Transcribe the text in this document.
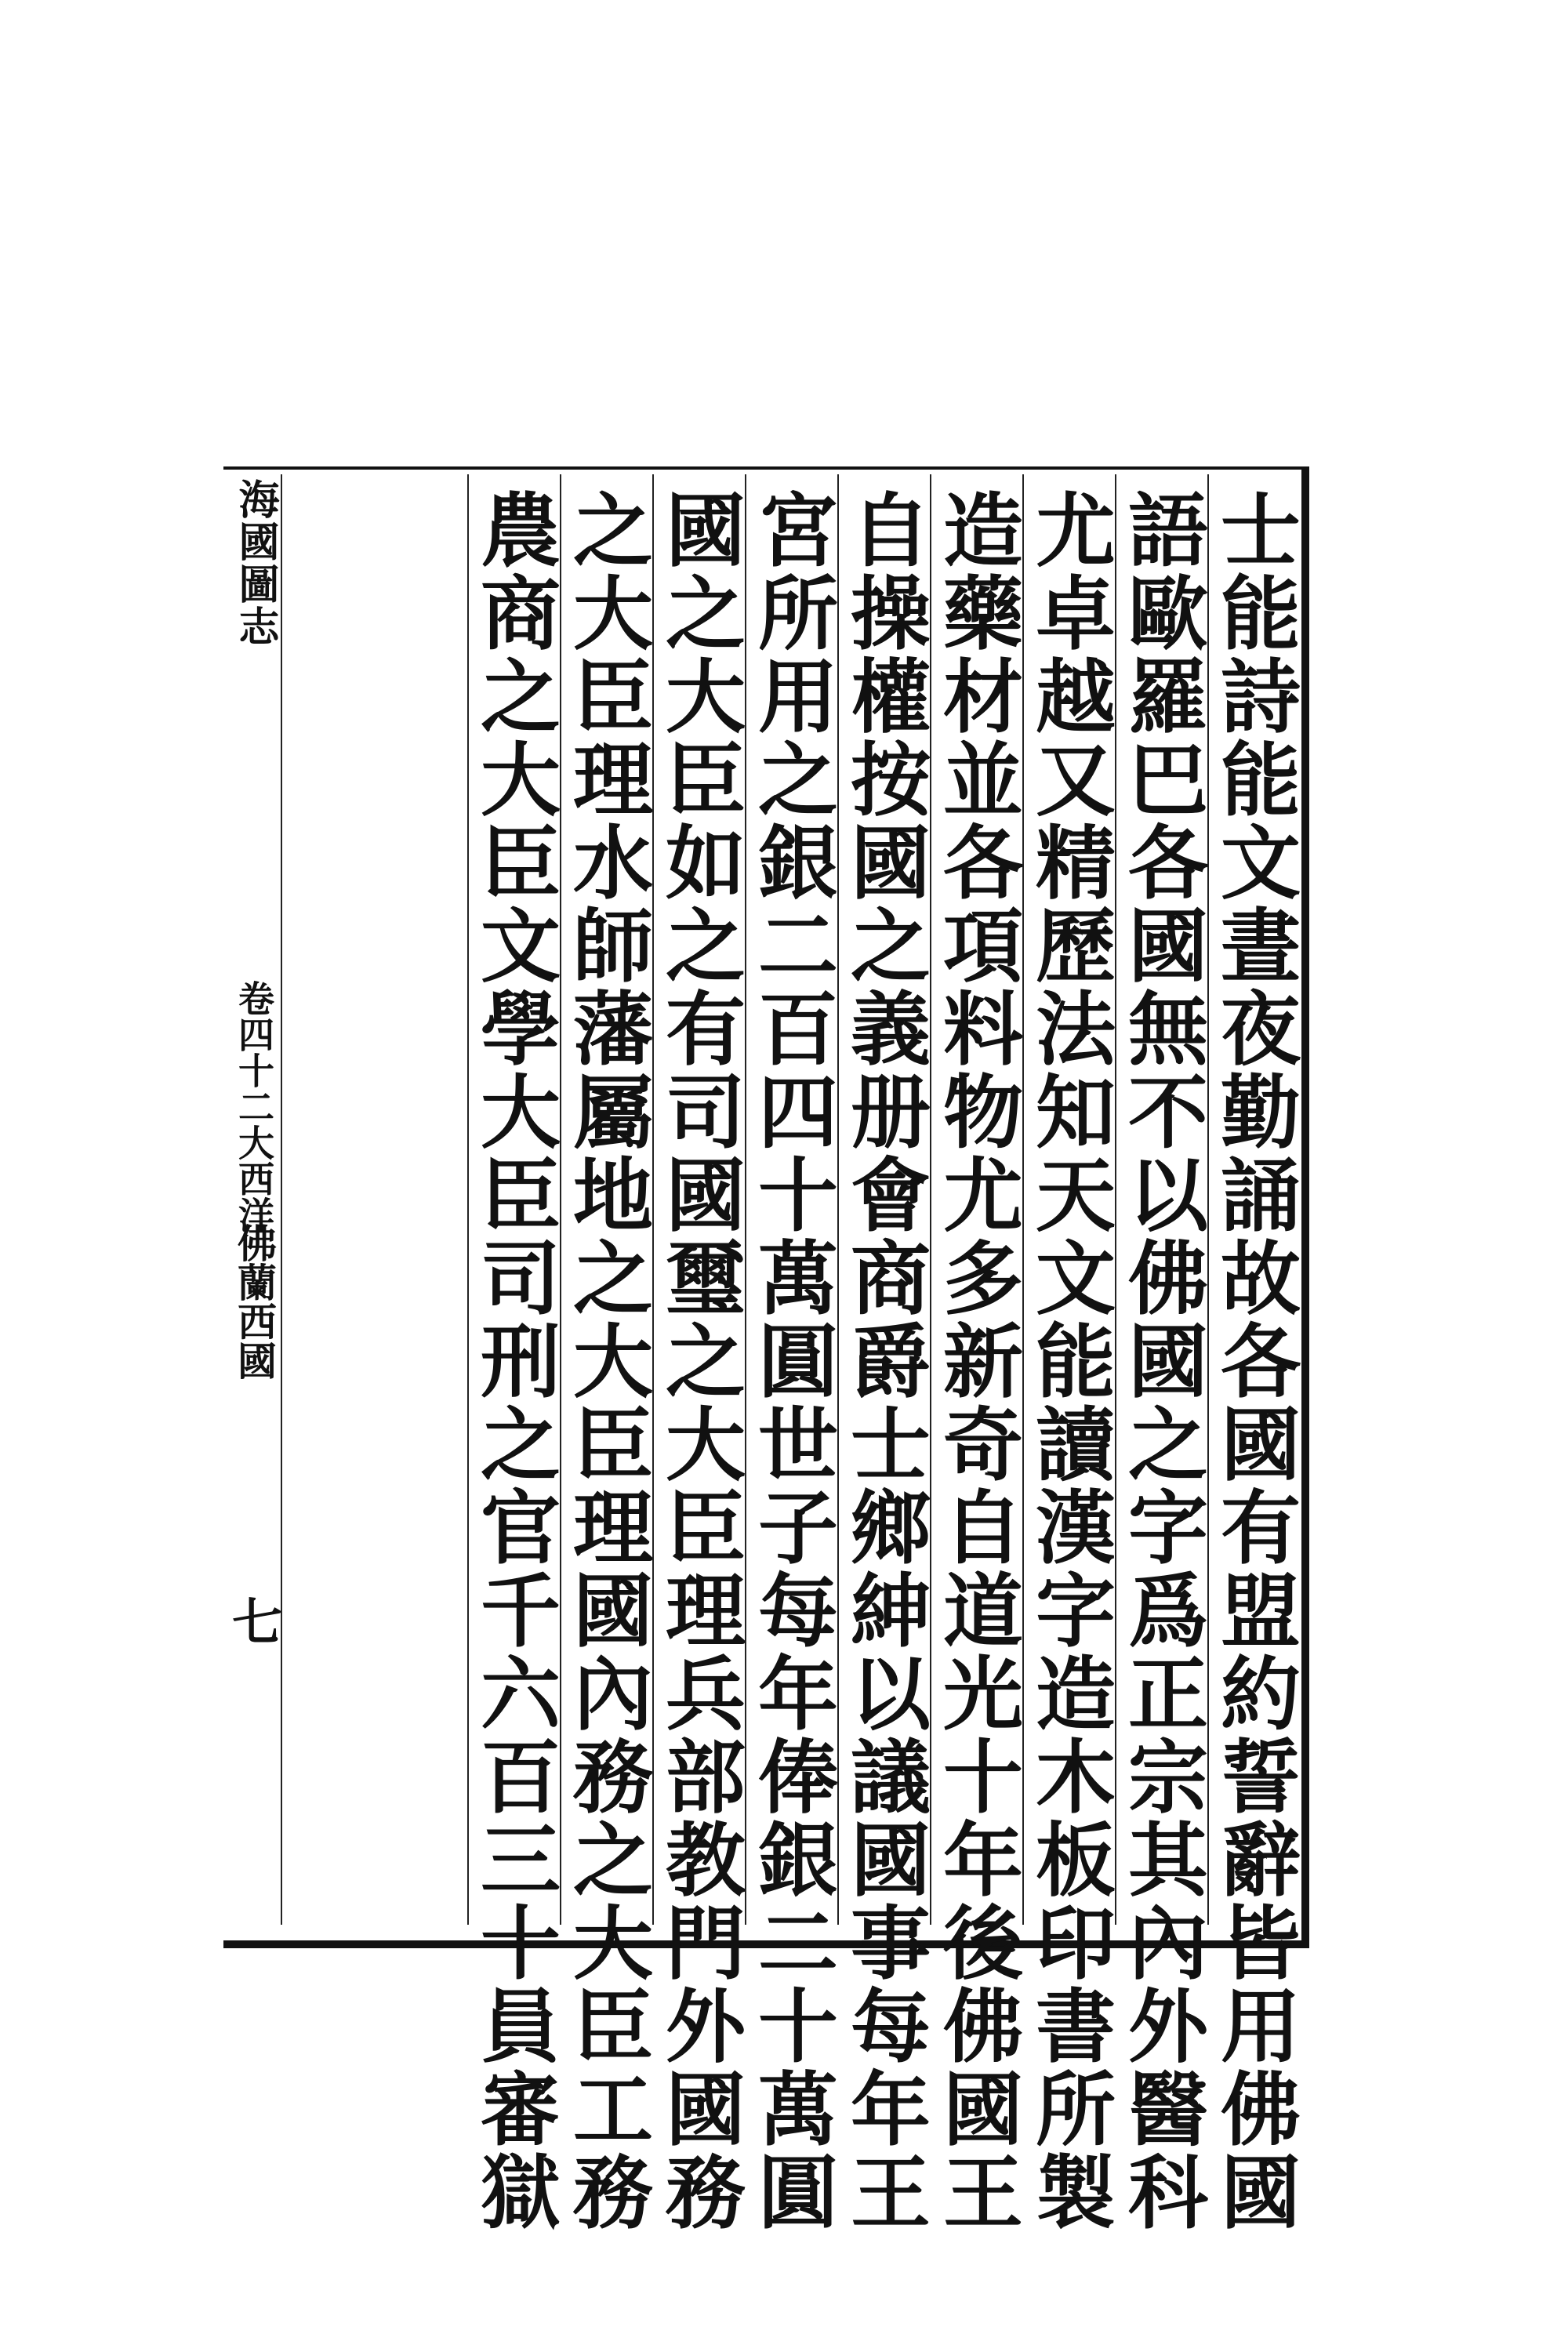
海國圖志
卷四十二大西洋
佛蘭西國
七	士能詩能文晝夜勤誦故各國有盟約誓辭皆用佛國
語歐羅巴各國無不以佛國之字爲正宗其內外醫科
尤卓越又精歷法知天文能讀漢字造木板印書所製
造藥材並各項料物尤多新奇自道光十年後佛國王
自操權按國之義册會商爵士鄉紳以議國事每年王
宮所用之銀二百四十萬圓世子每年俸銀二十萬圓
國之大臣如之有司國璽之大臣理兵部教門外國務
之大臣理水師藩屬地之大臣理國內務之大臣工務
農商之大臣文學大臣司刑之官千六百三十員審獄
